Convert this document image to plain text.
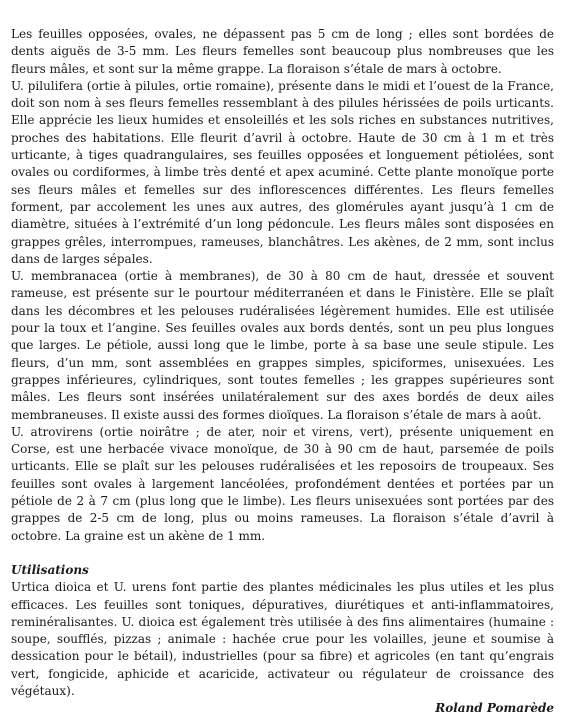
Les feuilles opposées, ovales, ne dépassent pas 5 cm de long ; elles sont bordées de dents aiguës de 3-5 mm. Les fleurs femelles sont beaucoup plus nombreuses que les fleurs mâles, et sont sur la même grappe. La floraison s’étale de mars à octobre.

U. pilulifera (ortie à pilules, ortie romaine), présente dans le midi et l’ouest de la France, doit son nom à ses fleurs femelles ressemblant à des pilules hérissées de poils urticants. Elle apprécie les lieux humides et ensoleillés et les sols riches en substances nutritives, proches des habitations. Elle fleurit d’avril à octobre. Haute de 30 cm à 1 m et très urticante, à tiges quadrangulaires, ses feuilles opposées et longuement pétiolées, sont ovales ou cordiformes, à limbe très denté et apex acuminé. Cette plante monoïque porte ses fleurs mâles et femelles sur des inflorescences différentes. Les fleurs femelles forment, par accolement les unes aux autres, des glomérules ayant jusqu’à 1 cm de diamètre, situées à l’extrémité d’un long pédoncule. Les fleurs mâles sont disposées en grappes grêles, interrompues, rameuses, blanchâtres. Les akènes, de 2 mm, sont inclus dans de larges sépales.

U. membranacea (ortie à membranes), de 30 à 80 cm de haut, dressée et souvent rameuse, est présente sur le pourtour méditerranéen et dans le Finistère. Elle se plaît dans les décombres et les pelouses rudéralisées légèrement humides. Elle est utilisée pour la toux et l’angine. Ses feuilles ovales aux bords dentés, sont un peu plus longues que larges. Le pétiole, aussi long que le limbe, porte à sa base une seule stipule. Les fleurs, d’un mm, sont assemblées en grappes simples, spiciformes, unisexuées. Les grappes inférieures, cylindriques, sont toutes femelles ; les grappes supérieures sont mâles. Les fleurs sont insérées unilatéralement sur des axes bordés de deux ailes membraneuses. Il existe aussi des formes dioïques. La floraison s’étale de mars à août.

U. atrovirens (ortie noirâtre ; de ater, noir et virens, vert), présente uniquement en Corse, est une herbacée vivace monoïque, de 30 à 90 cm de haut, parsemée de poils urticants. Elle se plaît sur les pelouses rudéralisées et les reposoirs de troupeaux. Ses feuilles sont ovales à largement lancéolées, profondément dentées et portées par un pétiole de 2 à 7 cm (plus long que le limbe). Les fleurs unisexuées sont portées par des grappes de 2-5 cm de long, plus ou moins rameuses. La floraison s’étale d’avril à octobre. La graine est un akène de 1 mm.

Utilisations

Urtica dioica et U. urens font partie des plantes médicinales les plus utiles et les plus efficaces. Les feuilles sont toniques, dépuratives, diurétiques et anti-inflammatoires, reminéralisantes. U. dioica est également très utilisée à des fins alimentaires (humaine : soupe, soufflés, pizzas ; animale : hachée crue pour les volailles, jeune et soumise à dessication pour le bétail), industrielles (pour sa fibre) et agricoles (en tant qu’engrais vert, fongicide, aphicide et acaricide, activateur ou régulateur de croissance des végétaux).

Roland Pomarède
